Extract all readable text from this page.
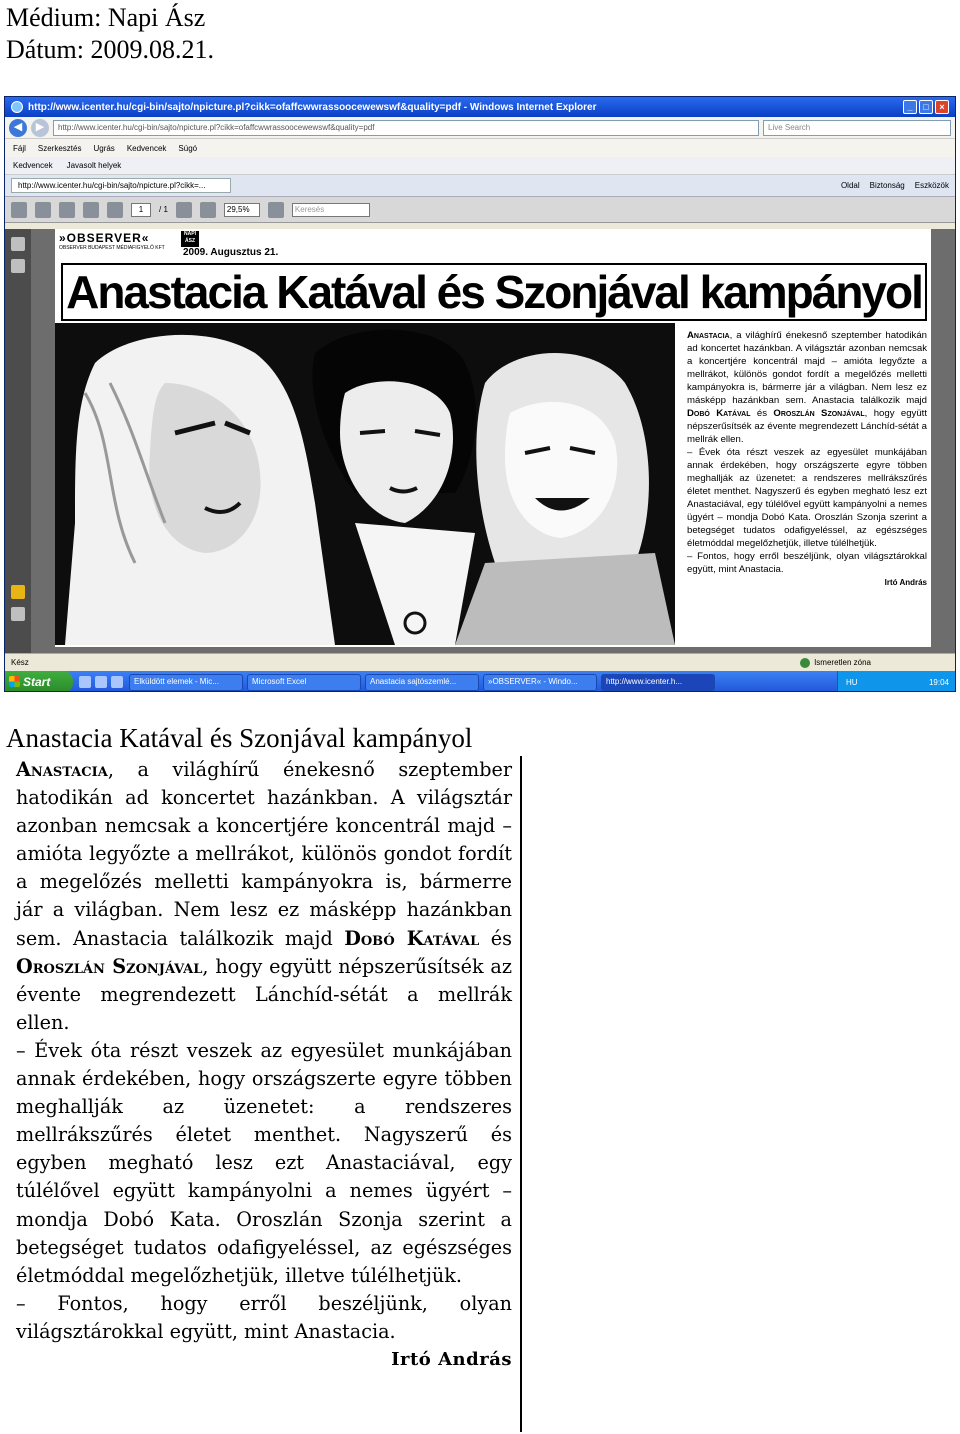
Médium: Napi Ász
Dátum: 2009.08.21.
http://www.icenter.hu/cgi-bin/sajto/npicture.pl?cikk=ofaffcwwrassoocewewswf&quality=pdf - Windows Internet Explorer	_	□	×
◀	▶	http://www.icenter.hu/cgi-bin/sajto/npicture.pl?cikk=ofaffcwwrassoocewewswf&quality=pdf	Live Search
Fájl Szerkesztés Ugrás Kedvencek Súgó
Kedvencek Javasolt helyek
http://www.icenter.hu/cgi-bin/sajto/npicture.pl?cikk=...	Oldal Biztonság Eszközök
1	/ 1	29,5%	Keresés
»OBSERVER«
OBSERVER BUDAPEST MÉDIAFIGYELŐ KFT
NAPI ÁSZ
2009. Augusztus 21.
Anastacia Katával és Szonjával kampányol
Anastacia, a világhírű énekesnő szeptember hatodikán ad koncertet hazánkban. A világsztár azonban nemcsak a koncertjére koncentrál majd – amióta legyőzte a mellrákot, különös gondot fordít a megelőzés melletti kampányokra is, bármerre jár a világban. Nem lesz ez másképp hazánkban sem. Anastacia találkozik majd Dobó Katával és Oroszlán Szonjával, hogy együtt népszerűsítsék az évente megrendezett Lánchíd-sétát a mellrák ellen.
– Évek óta részt veszek az egyesület munkájában annak érdekében, hogy országszerte egyre többen meghallják az üzenetet: a rendszeres mellrákszűrés életet menthet. Nagyszerű és egyben megható lesz ezt Anastaciával, egy túlélővel együtt kampányolni a nemes ügyért – mondja Dobó Kata. Oroszlán Szonja szerint a betegséget tudatos odafigyeléssel, az egészséges életmóddal megelőzhetjük, illetve túlélhetjük.
– Fontos, hogy erről beszéljünk, olyan világsztárokkal együtt, mint Anastacia.
Irtó András
Kész	Ismeretlen zóna
Start	Elküldött elemek - Mic...	Microsoft Excel	Anastacia sajtószemlé...	»OBSERVER« - Windo...	http://www.icenter.h...	HU	19:04
Anastacia Katával és Szonjával kampányol
Anastacia, a világhírű énekesnő szeptember hatodikán ad koncertet hazánkban. A világsztár azonban nemcsak a koncertjére koncentrál majd – amióta legyőzte a mellrákot, különös gondot fordít a megelőzés melletti kampányokra is, bármerre jár a világban. Nem lesz ez másképp hazánkban sem. Anastacia találkozik majd Dobó Katával és Oroszlán Szonjával, hogy együtt népszerűsítsék az évente megrendezett Lánchíd-sétát a mellrák ellen.
– Évek óta részt veszek az egyesület munkájában annak érdekében, hogy országszerte egyre többen meghallják az üzenetet: a rendszeres mellrákszűrés életet menthet. Nagyszerű és egyben megható lesz ezt Anastaciával, egy túlélővel együtt kampányolni a nemes ügyért – mondja Dobó Kata. Oroszlán Szonja szerint a betegséget tudatos odafigyeléssel, az egészséges életmóddal megelőzhetjük, illetve túlélhetjük.
– Fontos, hogy erről beszéljünk, olyan világsztárokkal együtt, mint Anastacia.
Irtó András
